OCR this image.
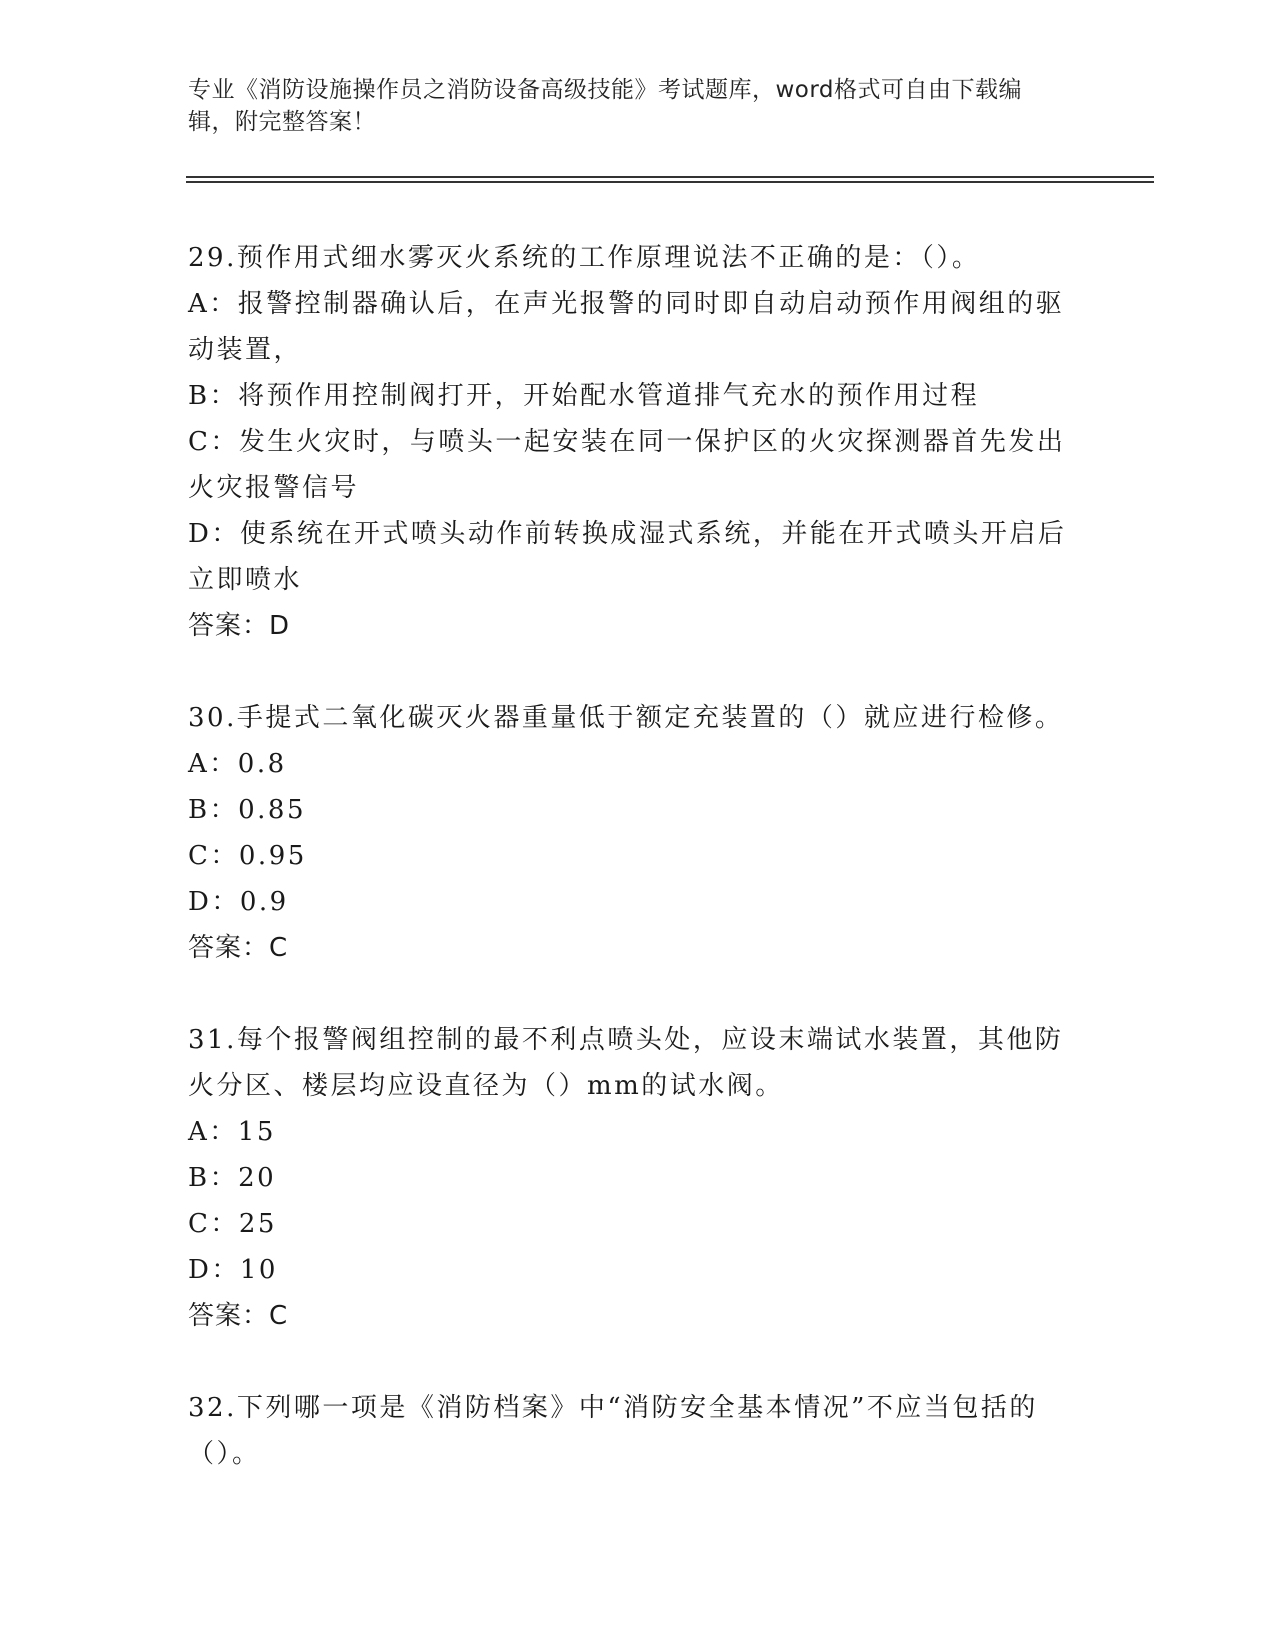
专业《消防设施操作员之消防设备高级技能》考试题库，word格式可自由下载编辑，附完整答案！

29.预作用式细水雾灭火系统的工作原理说法不正确的是：（）。

A：报警控制器确认后，在声光报警的同时即自动启动预作用阀组的驱动装置，

B：将预作用控制阀打开，开始配水管道排气充水的预作用过程

C：发生火灾时，与喷头一起安装在同一保护区的火灾探测器首先发出火灾报警信号

D：使系统在开式喷头动作前转换成湿式系统，并能在开式喷头开启后立即喷水

答案：D

30.手提式二氧化碳灭火器重量低于额定充装置的（）就应进行检修。

A：0.8

B：0.85

C：0.95

D：0.9

答案：C

31.每个报警阀组控制的最不利点喷头处，应设末端试水装置，其他防火分区、楼层均应设直径为（）mm的试水阀。

A：15

B：20

C：25

D：10

答案：C

32.下列哪一项是《消防档案》中“消防安全基本情况”不应当包括的（）。
